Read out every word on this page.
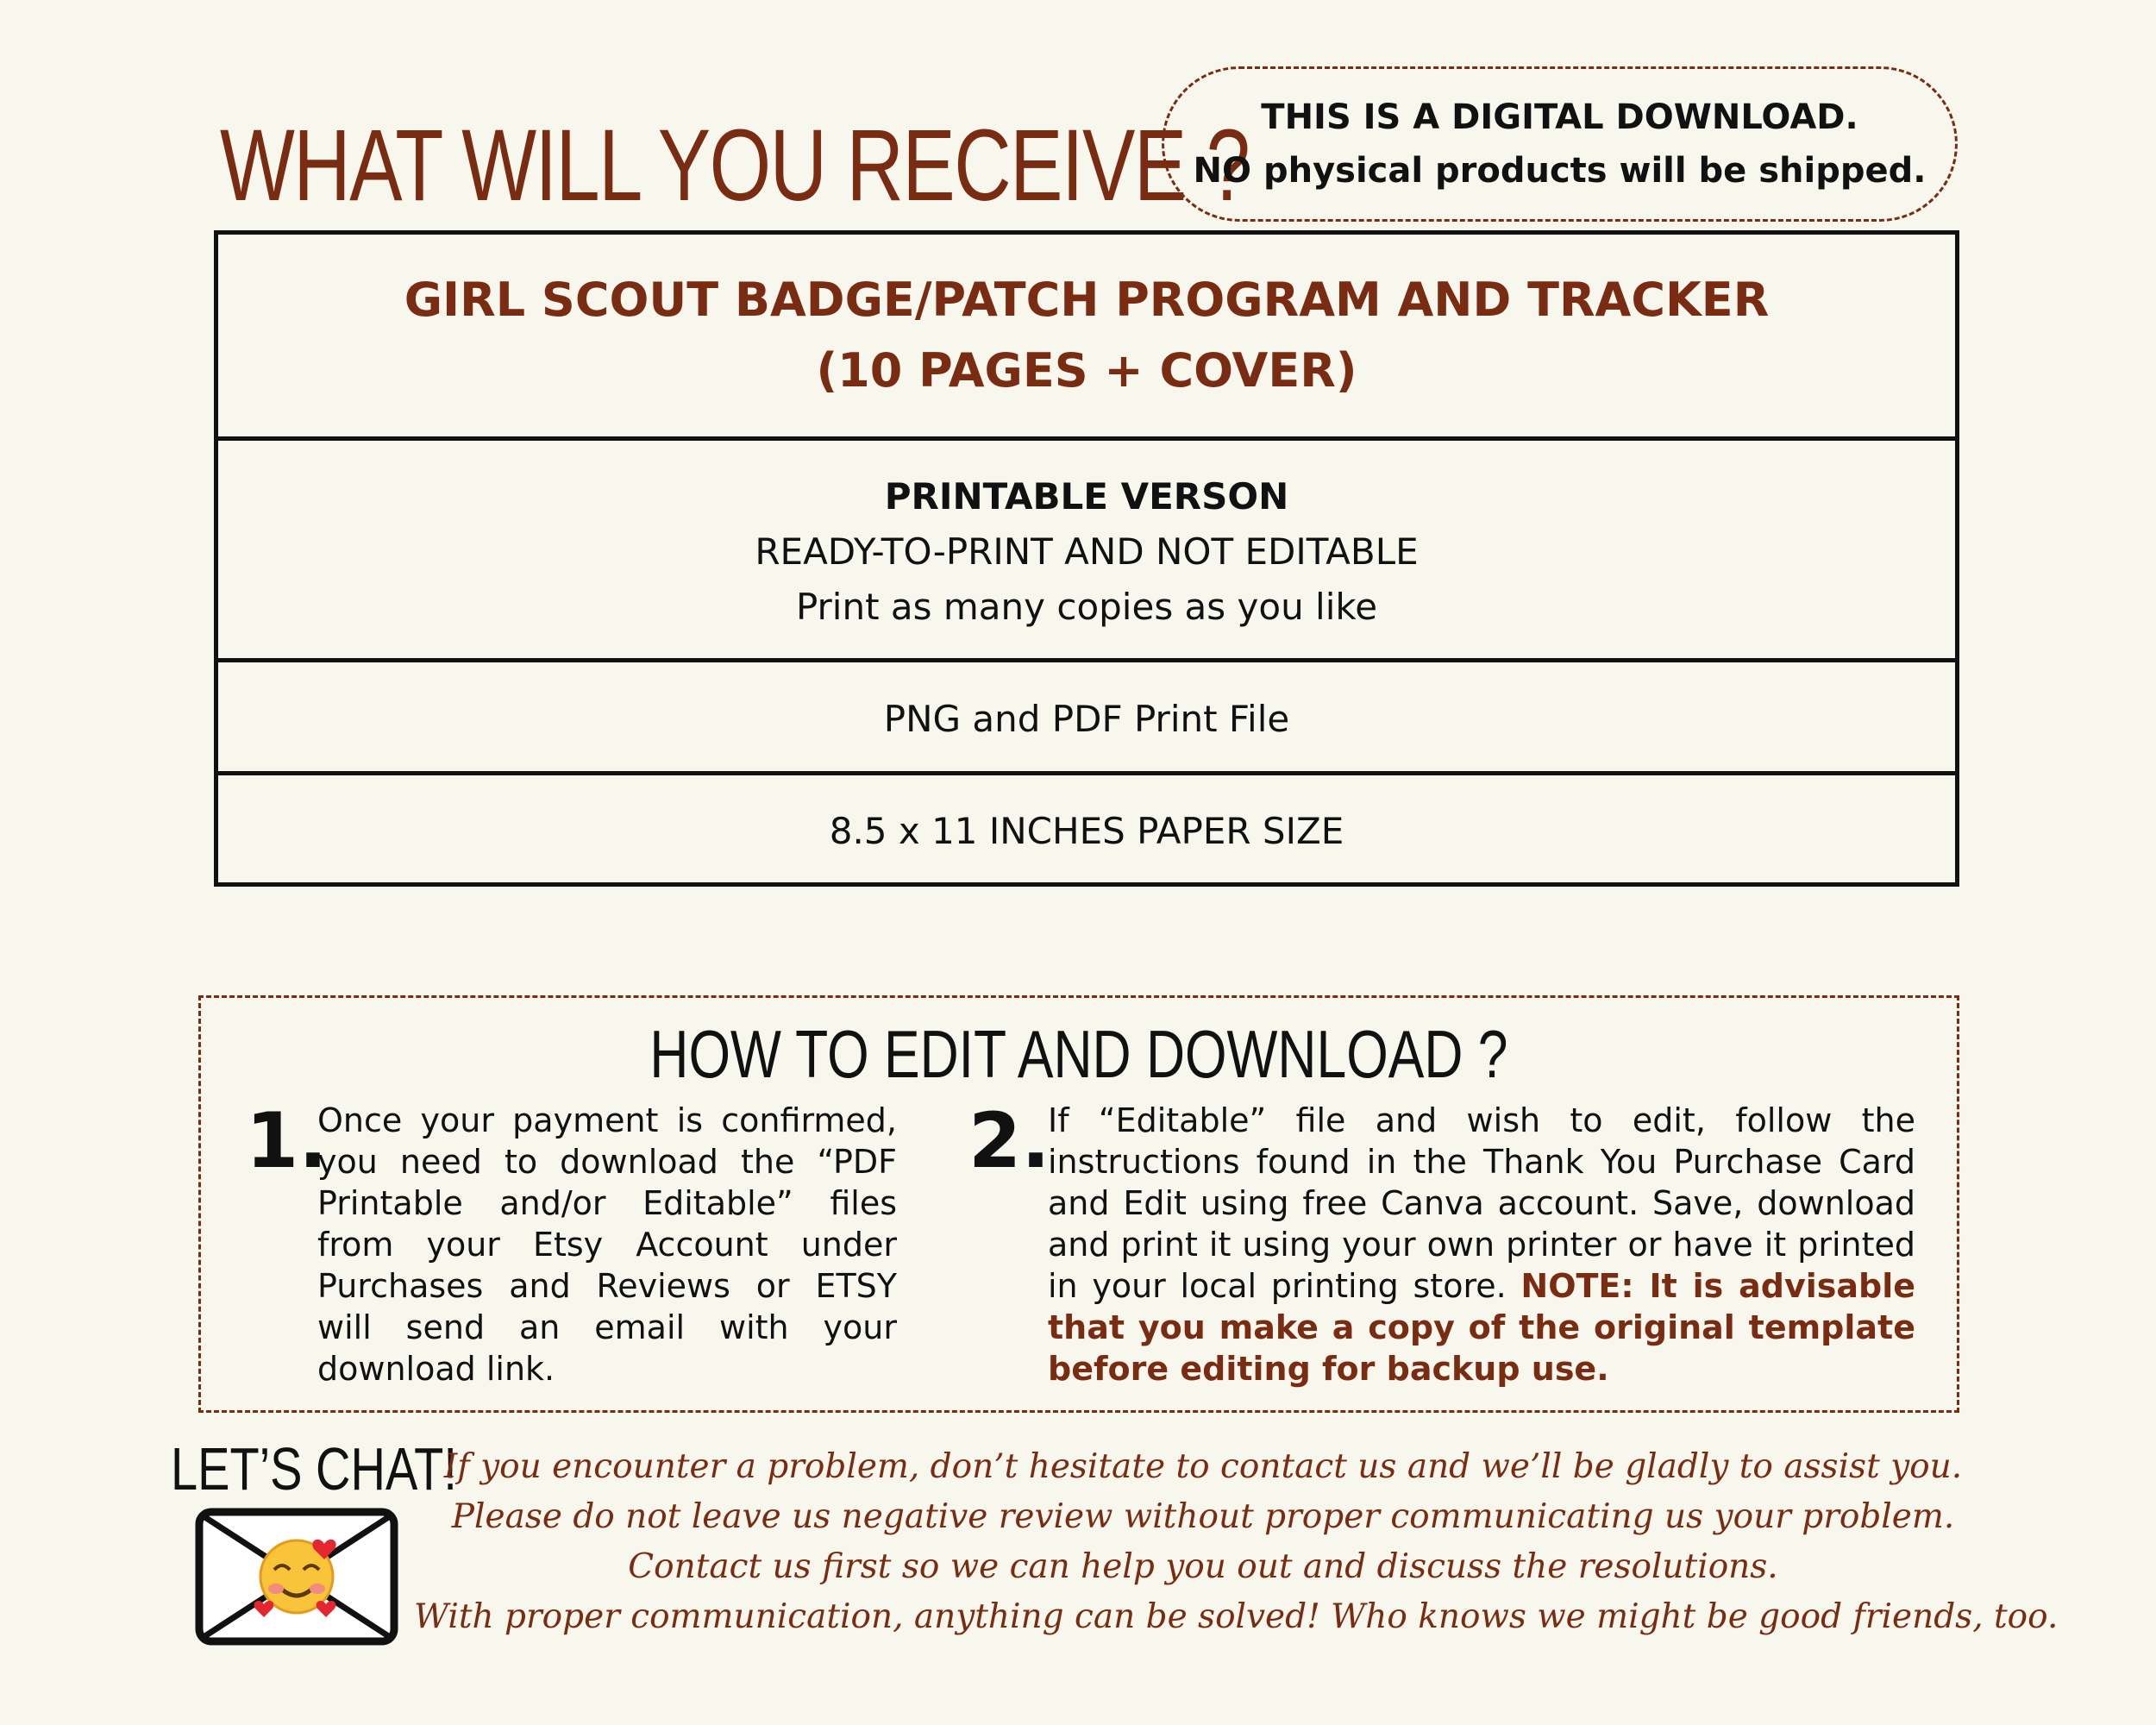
WHAT WILL YOU RECEIVE ? THIS IS A DIGITAL DOWNLOAD.
NO physical products will be shipped.
GIRL SCOUT BADGE/PATCH PROGRAM AND TRACKER
(10 PAGES + COVER)
PRINTABLE VERSON
READY-TO-PRINT AND NOT EDITABLE
Print as many copies as you like
PNG and PDF Print File
8.5 x 11 INCHES PAPER SIZE
HOW TO EDIT AND DOWNLOAD ?
1.
Once your payment is confirmed, you need to download the “PDF Printable and/or Editable” files from your Etsy Account under Purchases and Reviews or ETSY will send an email with your download link.
2.
If “Editable” file and wish to edit, follow the instructions found in the Thank You Purchase Card and Edit using free Canva account. Save, download and print it using your own printer or have it printed in your local printing store. NOTE: It is advisable that you make a copy of the original template before editing for backup use.
LET’S CHAT!
If you encounter a problem, don’t hesitate to contact us and we’ll be gladly to assist you.
Please do not leave us negative review without proper communicating us your problem.
Contact us first so we can help you out and discuss the resolutions.
With proper communication, anything can be solved! Who knows we might be good friends, too.
